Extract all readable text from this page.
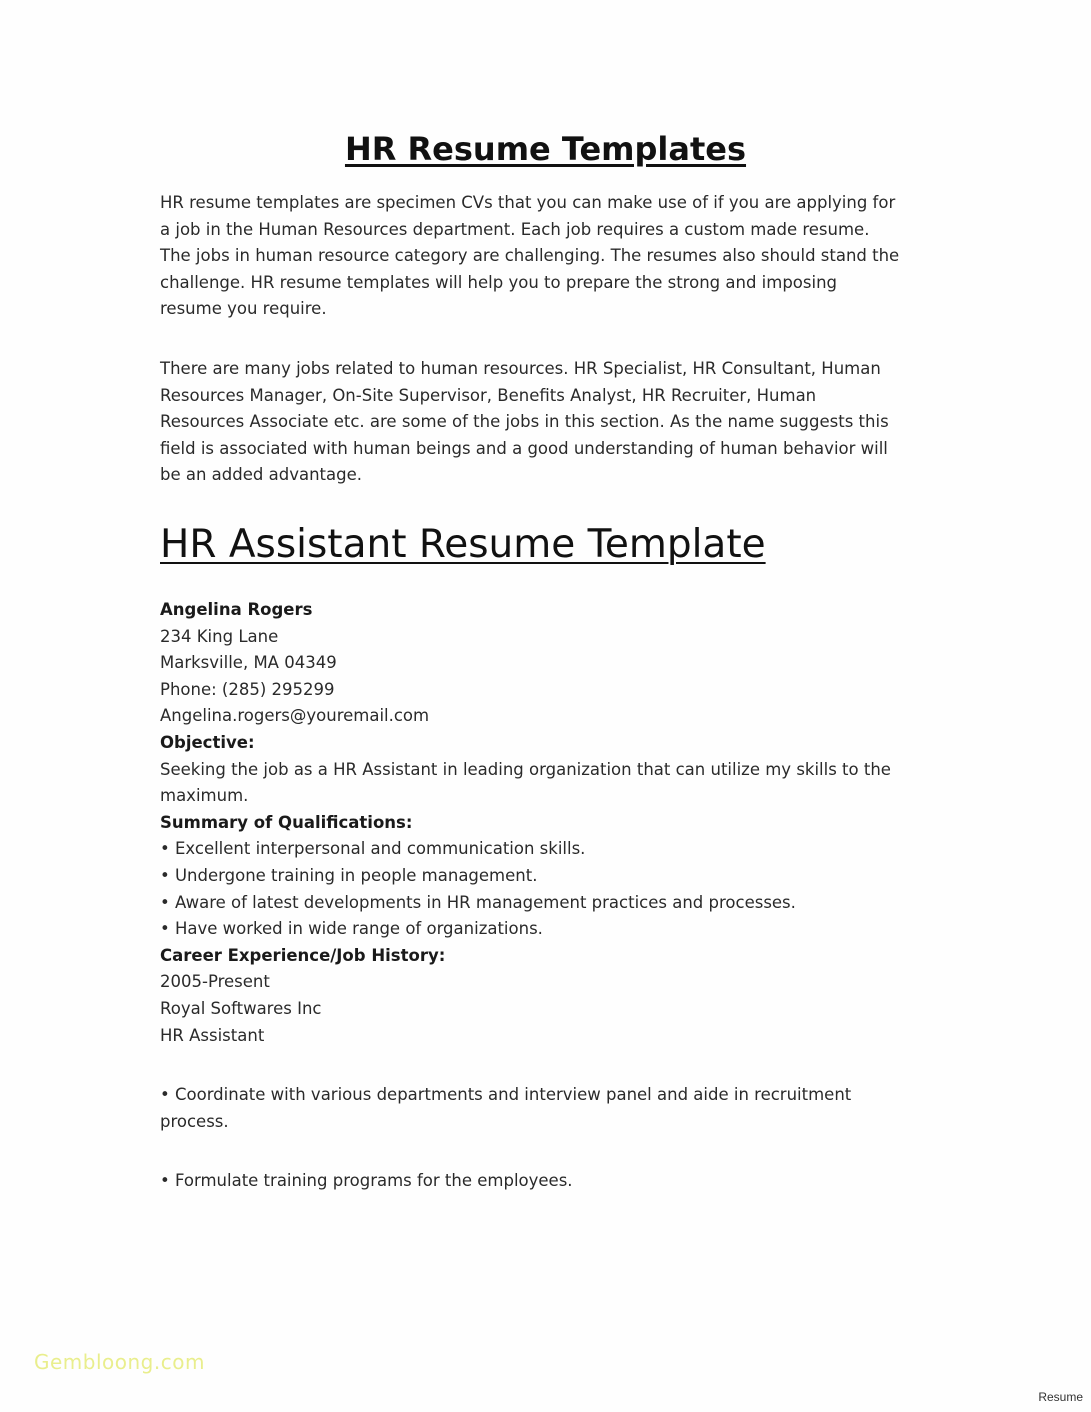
HR Resume Templates

HR resume templates are specimen CVs that you can make use of if you are applying for
a job in the Human Resources department. Each job requires a custom made resume.
The jobs in human resource category are challenging. The resumes also should stand the
challenge. HR resume templates will help you to prepare the strong and imposing
resume you require.

There are many jobs related to human resources. HR Specialist, HR Consultant, Human
Resources Manager, On-Site Supervisor, Benefits Analyst, HR Recruiter, Human
Resources Associate etc. are some of the jobs in this section. As the name suggests this
field is associated with human beings and a good understanding of human behavior will
be an added advantage.

HR Assistant Resume Template
Angelina Rogers
234 King Lane
Marksville, MA 04349
Phone: (285) 295299
Angelina.rogers@youremail.com
Objective:
Seeking the job as a HR Assistant in leading organization that can utilize my skills to the
maximum.
Summary of Qualifications:
• Excellent interpersonal and communication skills.
• Undergone training in people management.
• Aware of latest developments in HR management practices and processes.
• Have worked in wide range of organizations.
Career Experience/Job History:
2005-Present
Royal Softwares Inc
HR Assistant
• Coordinate with various departments and interview panel and aide in recruitment
process.
• Formulate training programs for the employees.
Gembloong.com
Resume
